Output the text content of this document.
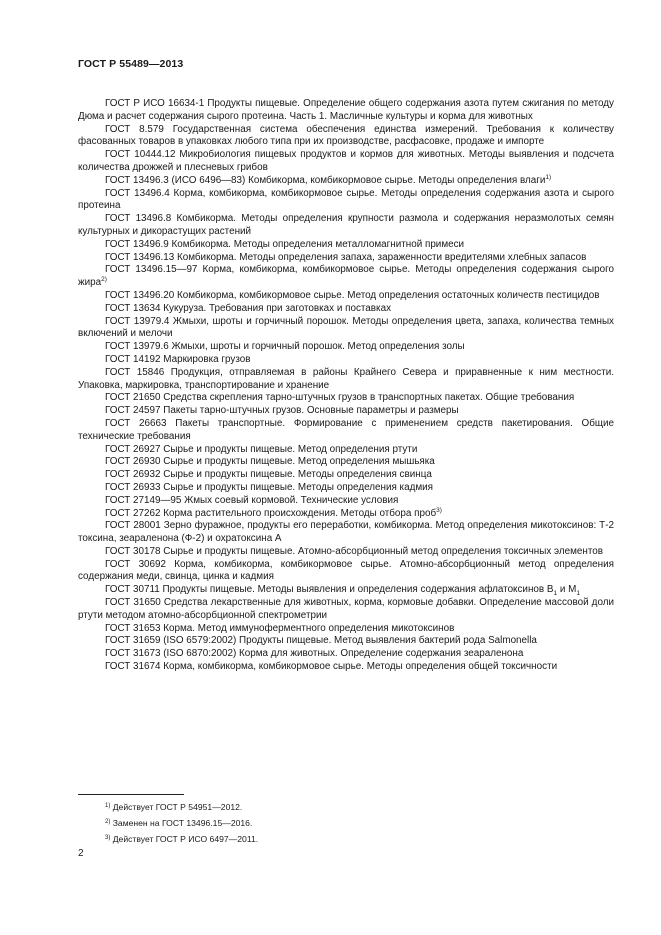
ГОСТ Р 55489—2013

ГОСТ Р ИСО 16634-1 Продукты пищевые. Определение общего содержания азота путем сжигания по методу Дюма и расчет содержания сырого протеина. Часть 1. Масличные культуры и корма для животных

ГОСТ 8.579 Государственная система обеспечения единства измерений. Требования к количеству фасованных товаров в упаковках любого типа при их производстве, расфасовке, продаже и импорте

ГОСТ 10444.12 Микробиология пищевых продуктов и кормов для животных. Методы выявления и подсчета количества дрожжей и плесневых грибов

ГОСТ 13496.3 (ИСО 6496—83) Комбикорма, комбикормовое сырье. Методы определения влаги$^{1)}$

ГОСТ 13496.4 Корма, комбикорма, комбикормовое сырье. Методы определения содержания азота и сырого протеина

ГОСТ 13496.8 Комбикорма. Методы определения крупности размола и содержания неразмолотых семян культурных и дикорастущих растений

ГОСТ 13496.9 Комбикорма. Методы определения металломагнитной примеси

ГОСТ 13496.13 Комбикорма. Методы определения запаха, зараженности вредителями хлебных запасов

ГОСТ 13496.15—97 Корма, комбикорма, комбикормовое сырье. Методы определения содержания сырого жира$^{2)}$

ГОСТ 13496.20 Комбикорма, комбикормовое сырье. Метод определения остаточных количеств пестицидов

ГОСТ 13634 Кукуруза. Требования при заготовках и поставках

ГОСТ 13979.4 Жмыхи, шроты и горчичный порошок. Методы определения цвета, запаха, количества темных включений и мелочи

ГОСТ 13979.6 Жмыхи, шроты и горчичный порошок. Метод определения золы

ГОСТ 14192 Маркировка грузов

ГОСТ 15846 Продукция, отправляемая в районы Крайнего Севера и приравненные к ним местности. Упаковка, маркировка, транспортирование и хранение

ГОСТ 21650 Средства скрепления тарно-штучных грузов в транспортных пакетах. Общие требования

ГОСТ 24597 Пакеты тарно-штучных грузов. Основные параметры и размеры

ГОСТ 26663 Пакеты транспортные. Формирование с применением средств пакетирования. Общие технические требования

ГОСТ 26927 Сырье и продукты пищевые. Метод определения ртути

ГОСТ 26930 Сырье и продукты пищевые. Метод определения мышьяка

ГОСТ 26932 Сырье и продукты пищевые. Методы определения свинца

ГОСТ 26933 Сырье и продукты пищевые. Методы определения кадмия

ГОСТ 27149—95 Жмых соевый кормовой. Технические условия

ГОСТ 27262 Корма растительного происхождения. Методы отбора проб$^{3)}$

ГОСТ 28001 Зерно фуражное, продукты его переработки, комбикорма. Метод определения микотоксинов: Т-2 токсина, зеараленона (Ф-2) и охратоксина А

ГОСТ 30178 Сырье и продукты пищевые. Атомно-абсорбционный метод определения токсичных элементов

ГОСТ 30692 Корма, комбикорма, комбикормовое сырье. Атомно-абсорбционный метод определения содержания меди, свинца, цинка и кадмия

ГОСТ 30711 Продукты пищевые. Методы выявления и определения содержания афлатоксинов $B_1$ и $M_1$

ГОСТ 31650 Средства лекарственные для животных, корма, кормовые добавки. Определение массовой доли ртути методом атомно-абсорбционной спектрометрии

ГОСТ 31653 Корма. Метод иммуноферментного определения микотоксинов

ГОСТ 31659 (ISO 6579:2002) Продукты пищевые. Метод выявления бактерий рода Salmonella

ГОСТ 31673 (ISO 6870:2002) Корма для животных. Определение содержания зеараленона

ГОСТ 31674 Корма, комбикорма, комбикормовое сырье. Методы определения общей токсичности

$^{1)}$ Действует ГОСТ Р 54951—2012.
$^{2)}$ Заменен на ГОСТ 13496.15—2016.
$^{3)}$ Действует ГОСТ Р ИСО 6497—2011.
2
